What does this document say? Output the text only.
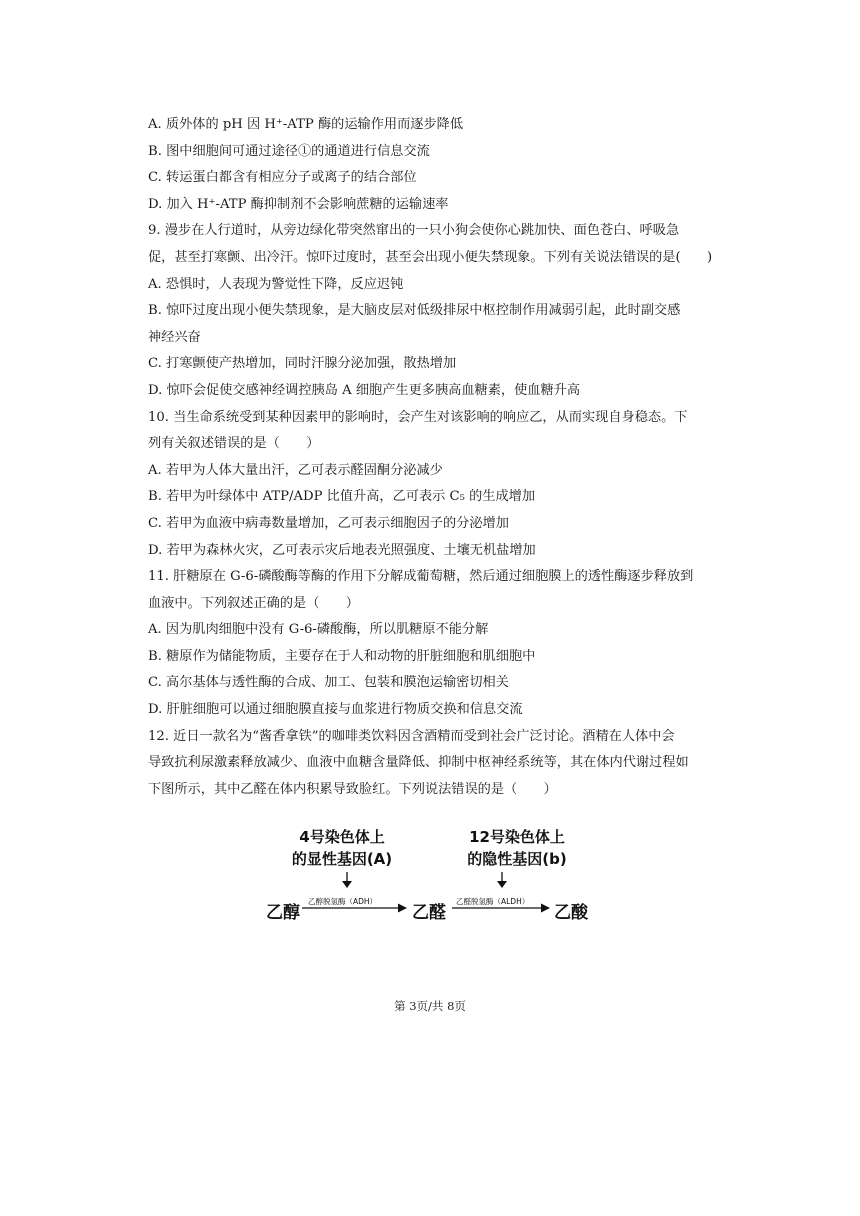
A. 质外体的 pH 因 H⁺-ATP 酶的运输作用而逐步降低
B. 图中细胞间可通过途径①的通道进行信息交流
C. 转运蛋白都含有相应分子或离子的结合部位
D. 加入 H⁺-ATP 酶抑制剂不会影响蔗糖的运输速率
9. 漫步在人行道时，从旁边绿化带突然窜出的一只小狗会使你心跳加快、面色苍白、呼吸急
促，甚至打寒颤、出冷汗。惊吓过度时，甚至会出现小便失禁现象。下列有关说法错误的是(　　)
A. 恐惧时，人表现为警觉性下降，反应迟钝
B. 惊吓过度出现小便失禁现象，是大脑皮层对低级排尿中枢控制作用减弱引起，此时副交感
神经兴奋
C. 打寒颤使产热增加，同时汗腺分泌加强，散热增加
D. 惊吓会促使交感神经调控胰岛 A 细胞产生更多胰高血糖素，使血糖升高
10. 当生命系统受到某种因素甲的影响时，会产生对该影响的响应乙，从而实现自身稳态。下
列有关叙述错误的是（　　）
A. 若甲为人体大量出汗，乙可表示醛固酮分泌减少
B. 若甲为叶绿体中 ATP/ADP 比值升高，乙可表示 C₅ 的生成增加
C. 若甲为血液中病毒数量增加，乙可表示细胞因子的分泌增加
D. 若甲为森林火灾，乙可表示灾后地表光照强度、土壤无机盐增加
11. 肝糖原在 G-6-磷酸酶等酶的作用下分解成葡萄糖，然后通过细胞膜上的透性酶逐步释放到
血液中。下列叙述正确的是（　　）
A. 因为肌肉细胞中没有 G-6-磷酸酶，所以肌糖原不能分解
B. 糖原作为储能物质，主要存在于人和动物的肝脏细胞和肌细胞中
C. 高尔基体与透性酶的合成、加工、包装和膜泡运输密切相关
D. 肝脏细胞可以通过细胞膜直接与血浆进行物质交换和信息交流
12. 近日一款名为“酱香拿铁”的咖啡类饮料因含酒精而受到社会广泛讨论。酒精在人体中会
导致抗利尿激素释放减少、血液中血糖含量降低、抑制中枢神经系统等，其在体内代谢过程如
下图所示，其中乙醛在体内积累导致脸红。下列说法错误的是（　　）
4号染色体上
的显性基因(A)
12号染色体上
的隐性基因(b)
乙醇脱氢酶（ADH）	乙醛脱氢酶（ALDH）
乙醇	乙醛	乙酸
第 3页/共 8页
